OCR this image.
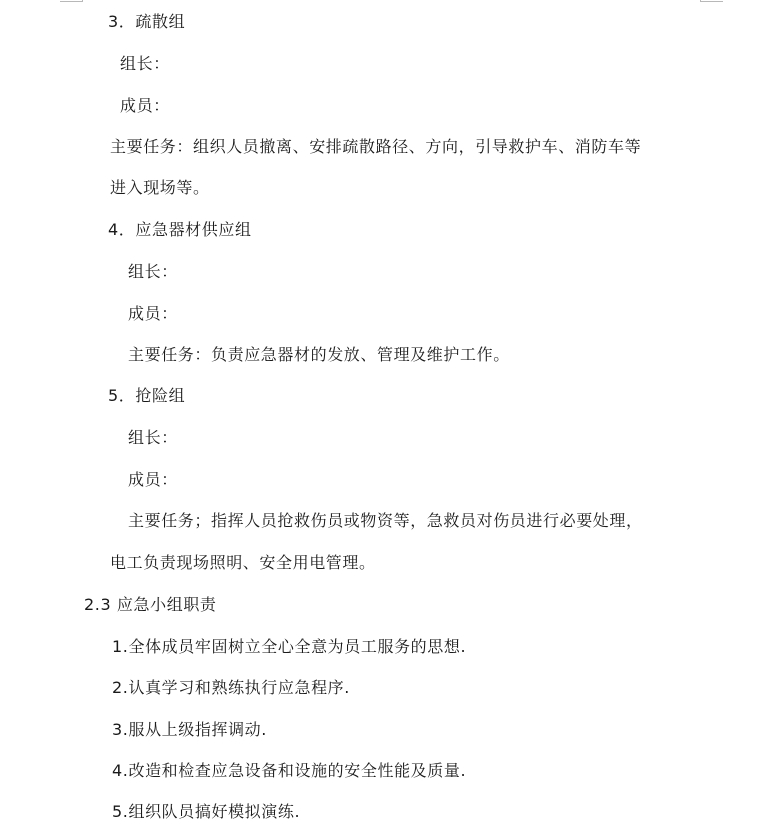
3．疏散组
组长：
成员：
主要任务：组织人员撤离、安排疏散路径、方向，引导救护车、消防车等
进入现场等。
4．应急器材供应组
组长：
成员：
主要任务：负责应急器材的发放、管理及维护工作。
5．抢险组
组长：
成员：
主要任务；指挥人员抢救伤员或物资等，急救员对伤员进行必要处理，
电工负责现场照明、安全用电管理。
2.3 应急小组职责
1.全体成员牢固树立全心全意为员工服务的思想.
2.认真学习和熟练执行应急程序.
3.服从上级指挥调动.
4.改造和检查应急设备和设施的安全性能及质量.
5.组织队员搞好模拟演练.
